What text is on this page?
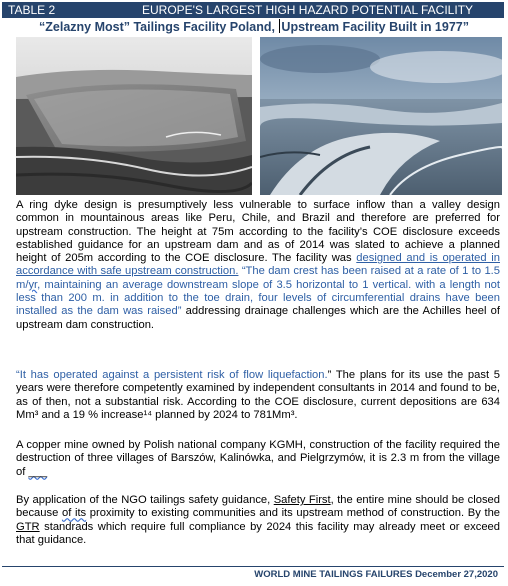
TABLE 2	EUROPE'S LARGEST HIGH HAZARD POTENTIAL FACILITY
“Zelazny Most” Tailings Facility Poland, Upstream Facility Built in 1977”
A ring dyke design is presumptively less vulnerable to surface inflow than a valley design common in mountainous areas like Peru, Chile, and Brazil and therefore are preferred for upstream construction. The height at 75m according to the facility’s COE disclosure exceeds established guidance for an upstream dam and as of 2014 was slated to achieve a planned height of 205m according to the COE disclosure. The facility was designed and is operated in accordance with safe upstream construction. “The dam crest has been raised at a rate of 1 to 1.5 m/yr, maintaining an average downstream slope of 3.5 horizontal to 1 vertical. with a length not less than 200 m. in addition to the toe drain, four levels of circumferential drains have been installed as the dam was raised” addressing drainage challenges which are the Achilles heel of upstream dam construction.
“It has operated against a persistent risk of flow liquefaction.” The plans for its use the past 5 years were therefore competently examined by independent consultants in 2014 and found to be, as of then, not a substantial risk. According to the COE disclosure, current depositions are 634 Mm³ and a 19 % increase¹⁴ planned by 2024 to 781Mm³.
A copper mine owned by Polish national company KGMH, construction of the facility required the destruction of three villages of Barszów, Kalinówka, and Pielgrzymów, it is 2.3 m from the village of ___
By application of the NGO tailings safety guidance, Safety First, the entire mine should be closed because of its proximity to existing communities and its upstream method of construction. By the GTR standrads which require full compliance by 2024 this facility may already meet or exceed that guidance.
WORLD MINE TAILINGS FAILURES December 27,2020
